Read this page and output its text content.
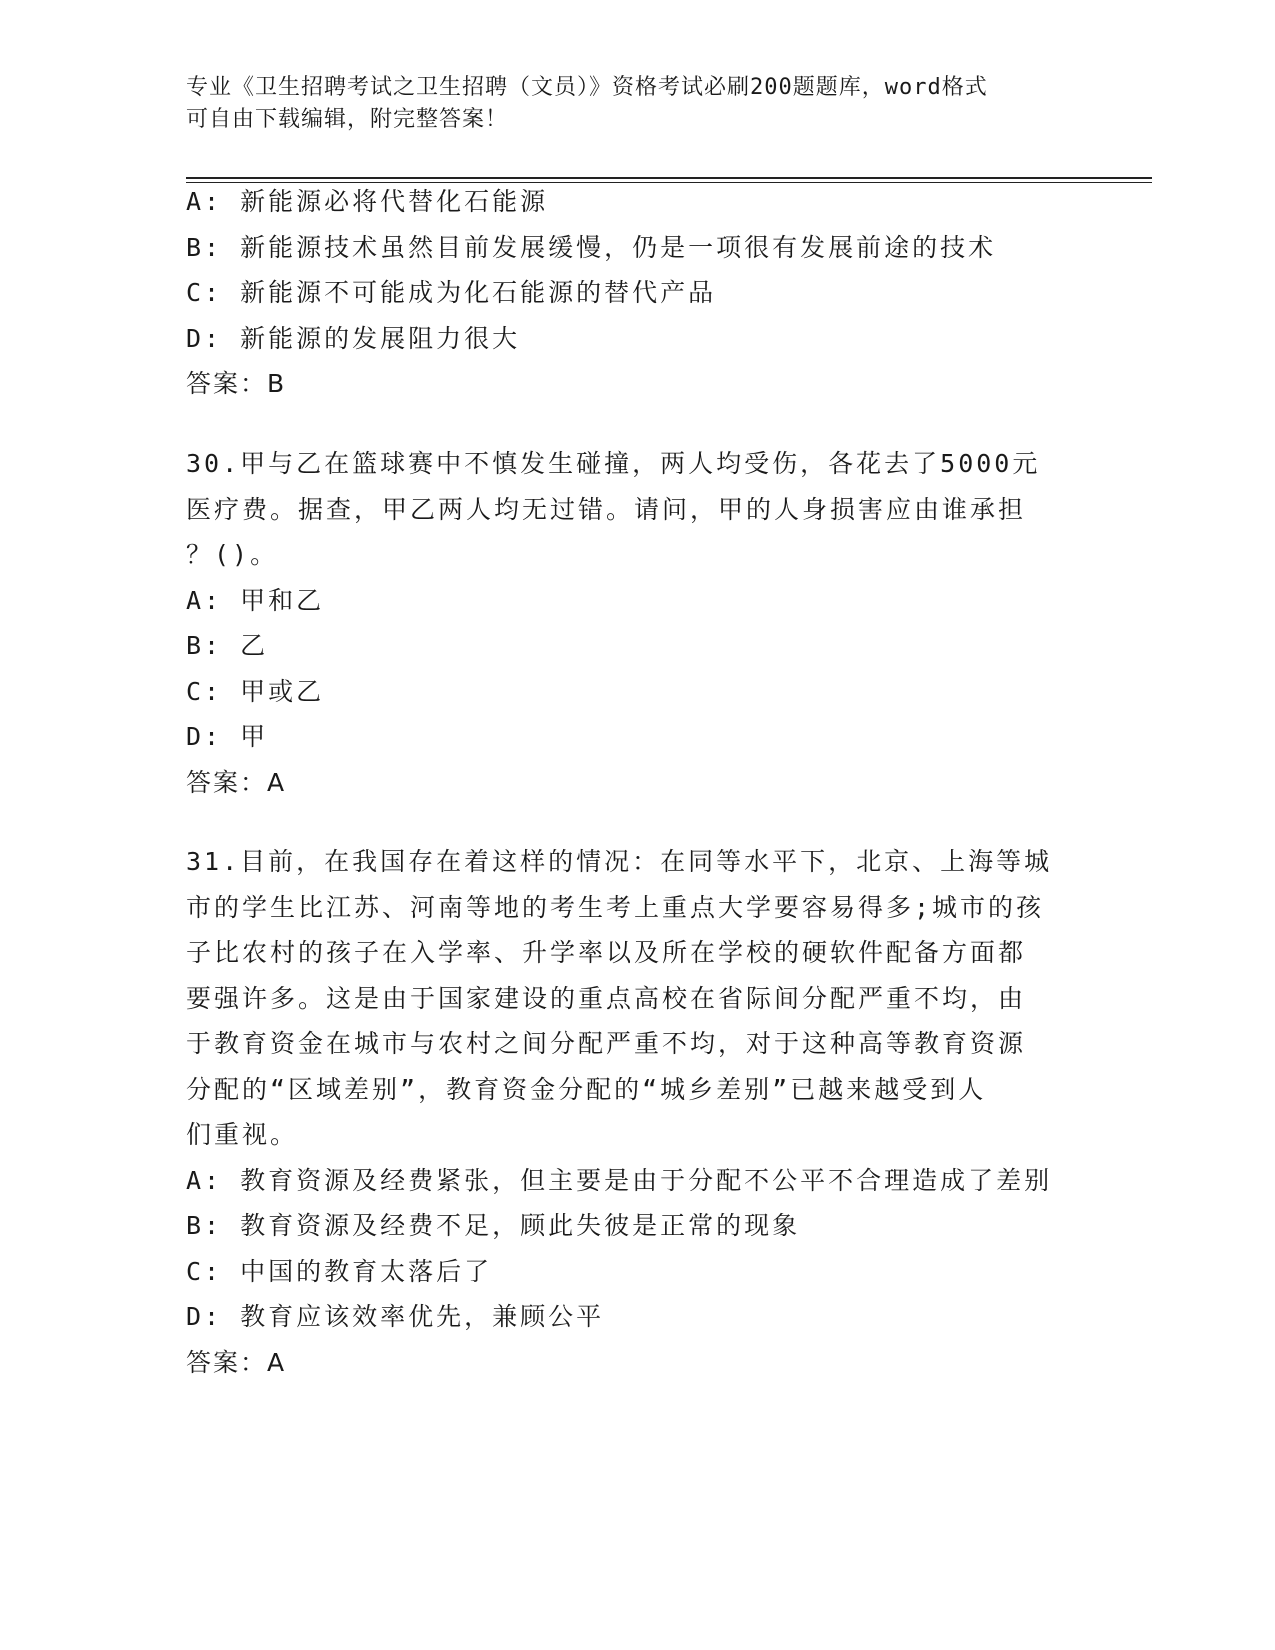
专业《卫生招聘考试之卫生招聘（文员）》资格考试必刷200题题库，word格式
可自由下载编辑，附完整答案！
A: 新能源必将代替化石能源
B: 新能源技术虽然目前发展缓慢，仍是一项很有发展前途的技术
C: 新能源不可能成为化石能源的替代产品
D: 新能源的发展阻力很大
答案：B
30.甲与乙在篮球赛中不慎发生碰撞，两人均受伤，各花去了5000元
医疗费。据查，甲乙两人均无过错。请问，甲的人身损害应由谁承担
？()。
A: 甲和乙
B: 乙
C: 甲或乙
D: 甲
答案：A
31.目前，在我国存在着这样的情况：在同等水平下，北京、上海等城
市的学生比江苏、河南等地的考生考上重点大学要容易得多;城市的孩
子比农村的孩子在入学率、升学率以及所在学校的硬软件配备方面都
要强许多。这是由于国家建设的重点高校在省际间分配严重不均，由
于教育资金在城市与农村之间分配严重不均，对于这种高等教育资源
分配的“区域差别”，教育资金分配的“城乡差别”已越来越受到人
们重视。
A: 教育资源及经费紧张，但主要是由于分配不公平不合理造成了差别
B: 教育资源及经费不足，顾此失彼是正常的现象
C: 中国的教育太落后了
D: 教育应该效率优先，兼顾公平
答案：A
